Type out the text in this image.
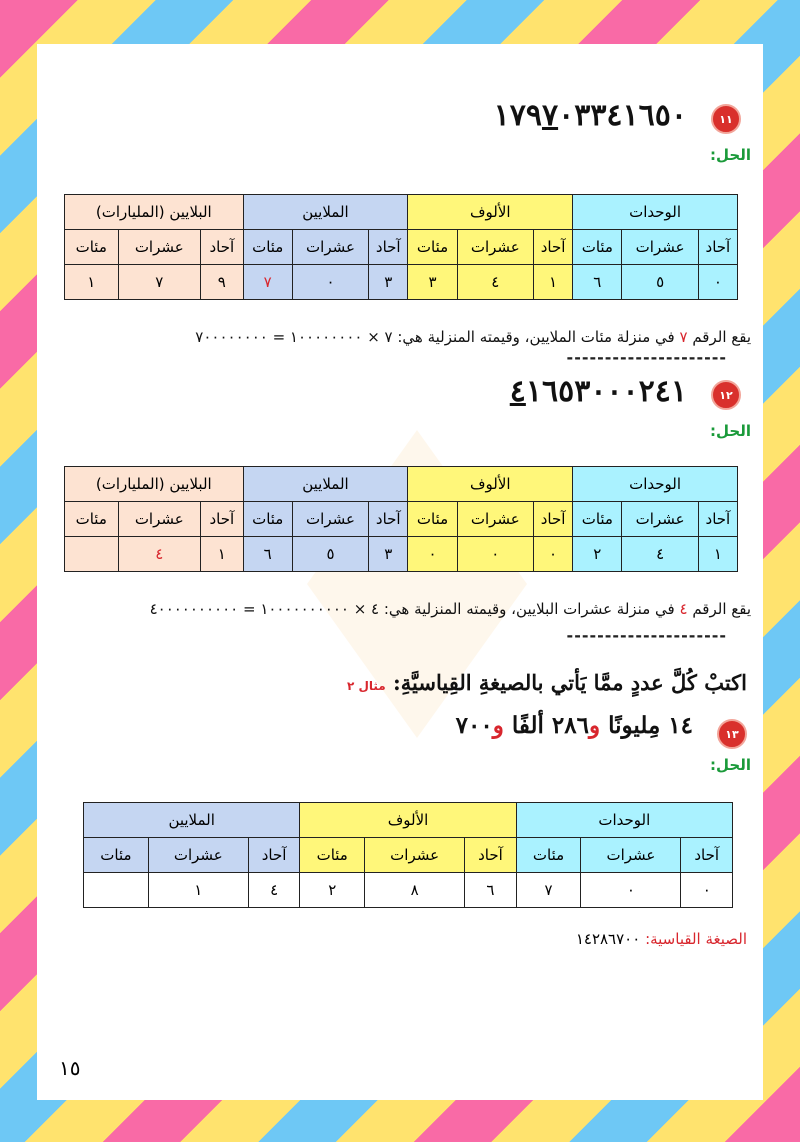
١١
١٧٩٧٠٣٣٤١٦٥٠
الحل:
الوحدات			الألوف			الملايين			البلايين (المليارات)		
آحاد	عشرات	مئات	آحاد	عشرات	مئات	آحاد	عشرات	مئات	آحاد	عشرات	مئات
٠	٥	٦	١	٤	٣	٣	٠	٧	٩	٧	١
يقع الرقم ٧ في منزلة مئات الملايين، وقيمته المنزلية هي: ٧ × ١٠٠٠٠٠٠٠٠ = ٧٠٠٠٠٠٠٠٠
---------------------
١٢
٤١٦٥٣٠٠٠٢٤١
الحل:
الوحدات			الألوف			الملايين			البلايين (المليارات)		
آحاد	عشرات	مئات	آحاد	عشرات	مئات	آحاد	عشرات	مئات	آحاد	عشرات	مئات
١	٤	٢	٠	٠	٠	٣	٥	٦	١	٤	
يقع الرقم ٤ في منزلة عشرات البلايين، وقيمته المنزلية هي: ٤ × ١٠٠٠٠٠٠٠٠٠٠ = ٤٠٠٠٠٠٠٠٠٠٠
---------------------
اكتبْ كُلَّ عددٍ ممَّا يَأتي بالصيغةِ القِياسيَّةِ: مثال ٢
١٣
١٤ مِليونًا و٢٨٦ ألفًا و٧٠٠
الحل:
الوحدات			الألوف			الملايين		
آحاد	عشرات	مئات	آحاد	عشرات	مئات	آحاد	عشرات	مئات
٠	٠	٧	٦	٨	٢	٤	١	
الصيغة القياسية: ١٤٢٨٦٧٠٠
١٥
